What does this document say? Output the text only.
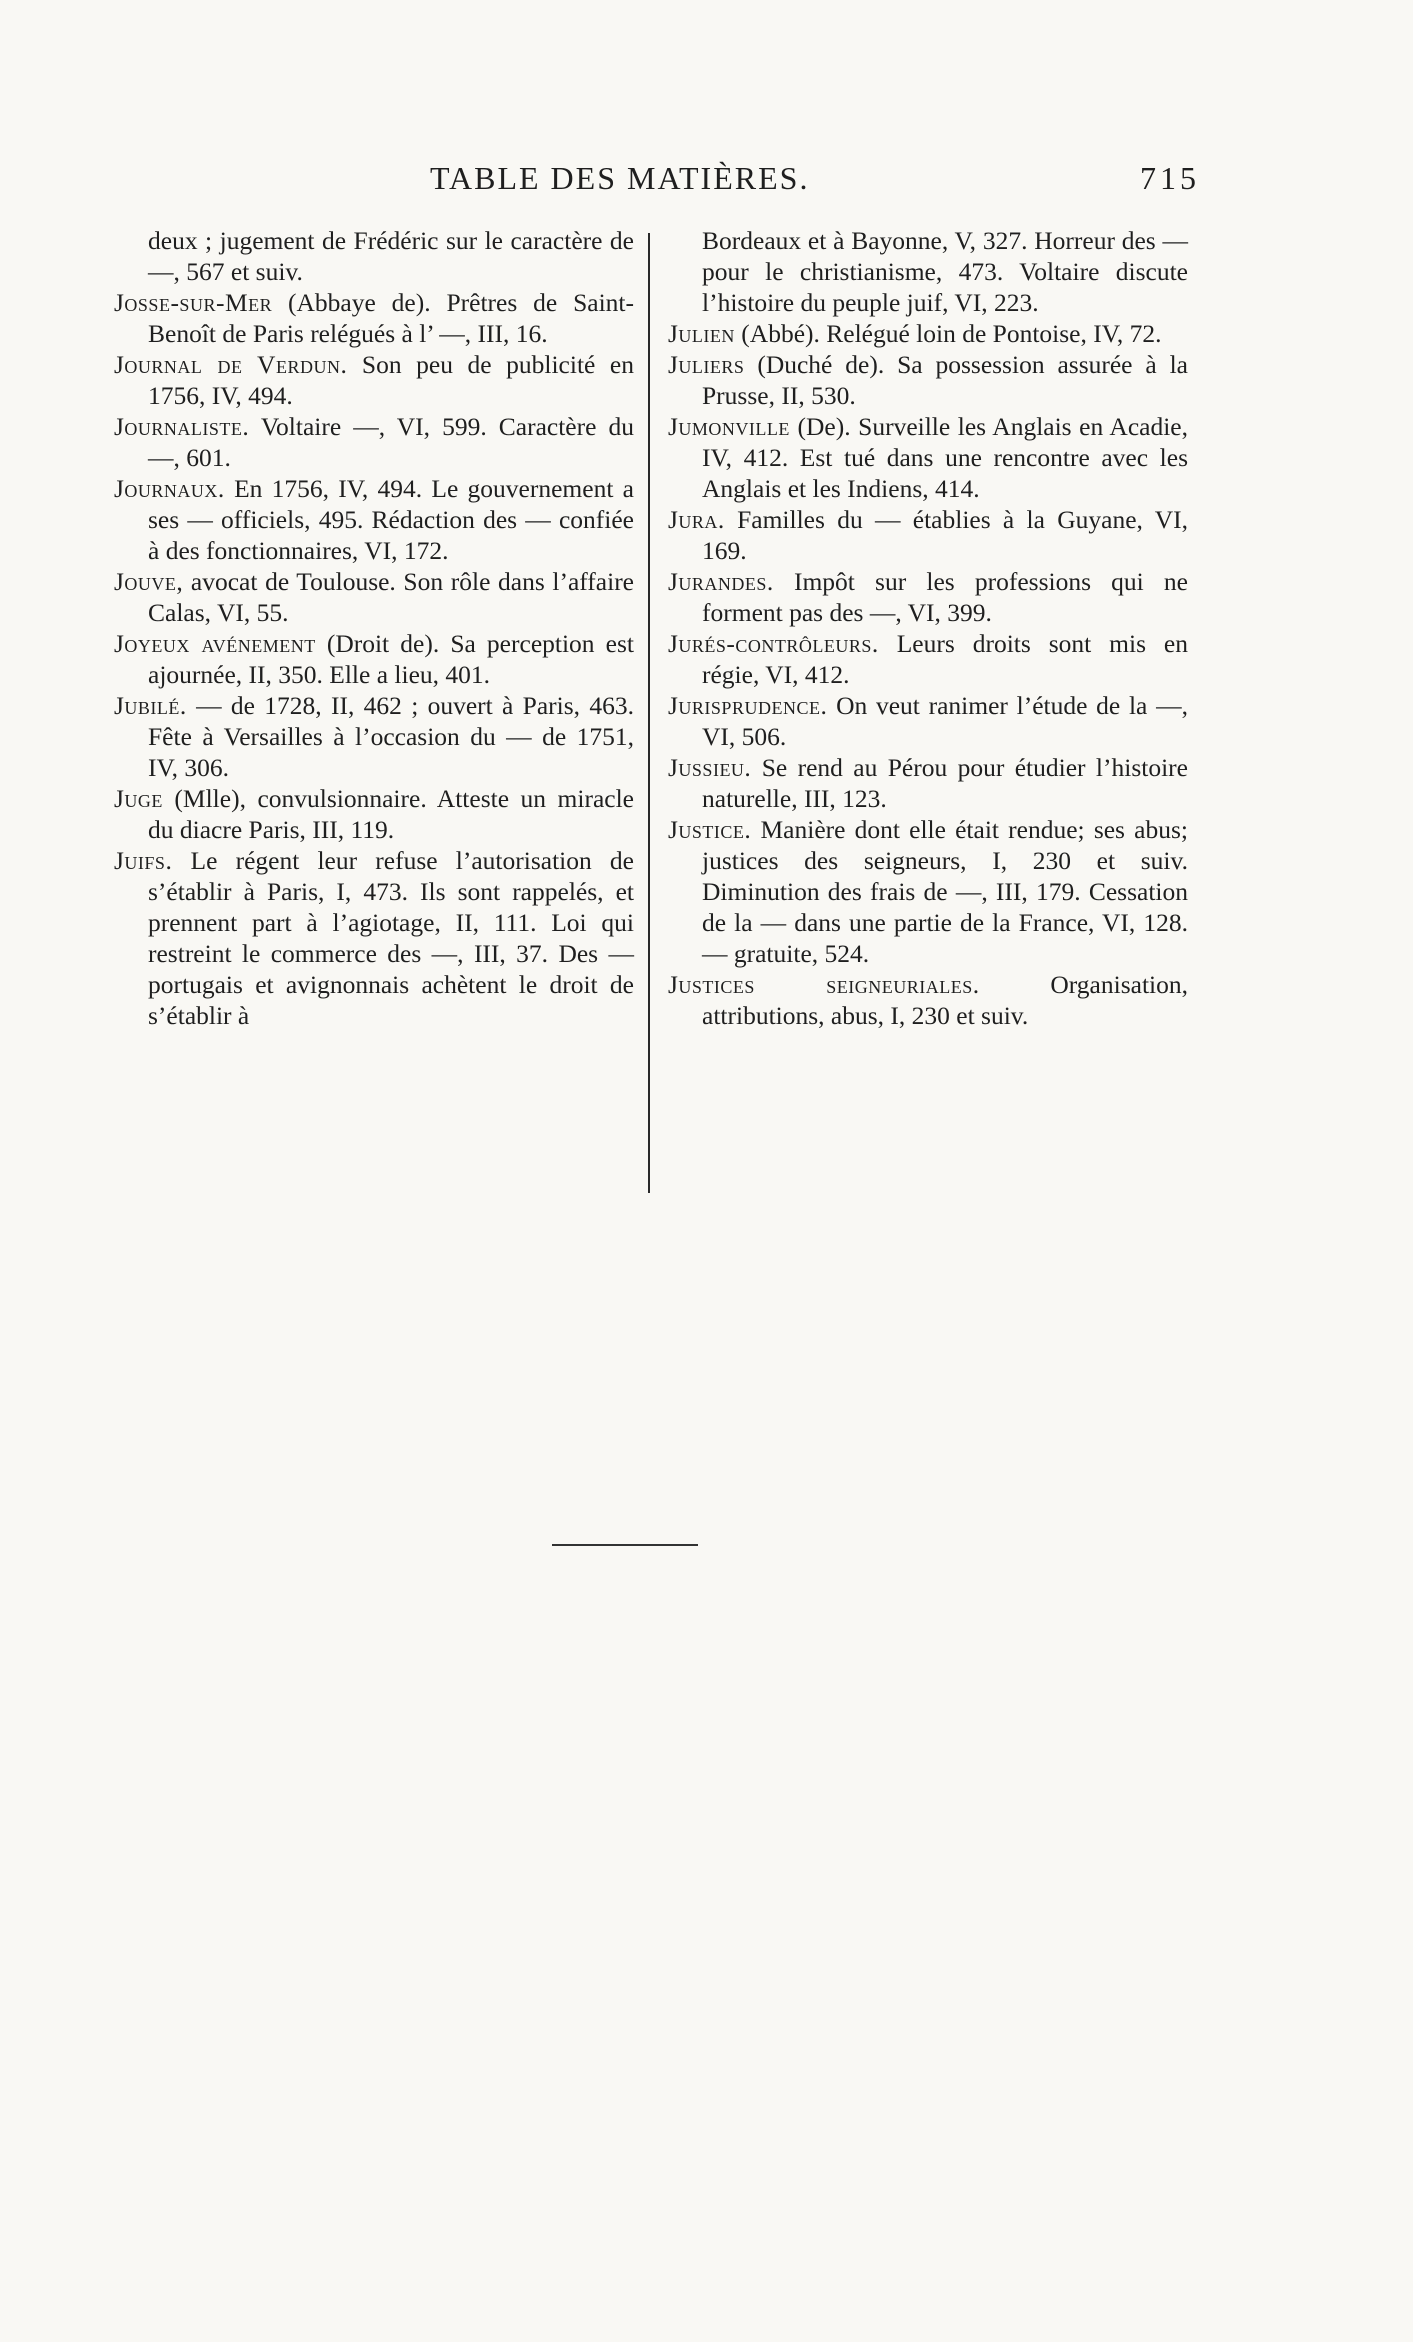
TABLE DES MATIÈRES.	715

deux ; jugement de Frédéric sur le caractère de —, 567 et suiv.

Josse-sur-Mer (Abbaye de). Prêtres de Saint-Benoît de Paris relégués à l’ —, III, 16.

Journal de Verdun. Son peu de publicité en 1756, IV, 494.

Journaliste. Voltaire —, VI, 599. Caractère du —, 601.

Journaux. En 1756, IV, 494. Le gouvernement a ses — officiels, 495. Rédaction des — confiée à des fonctionnaires, VI, 172.

Jouve, avocat de Toulouse. Son rôle dans l’affaire Calas, VI, 55.

Joyeux avénement (Droit de). Sa perception est ajournée, II, 350. Elle a lieu, 401.

Jubilé. — de 1728, II, 462 ; ouvert à Paris, 463. Fête à Versailles à l’occasion du — de 1751, IV, 306.

Juge (Mlle), convulsionnaire. Atteste un miracle du diacre Paris, III, 119.

Juifs. Le régent leur refuse l’autorisation de s’établir à Paris, I, 473. Ils sont rappelés, et prennent part à l’agiotage, II, 111. Loi qui restreint le commerce des —, III, 37. Des — portugais et avignonnais achètent le droit de s’établir à

Bordeaux et à Bayonne, V, 327. Horreur des — pour le christianisme, 473. Voltaire discute l’histoire du peuple juif, VI, 223.

Julien (Abbé). Relégué loin de Pontoise, IV, 72.

Juliers (Duché de). Sa possession assurée à la Prusse, II, 530.

Jumonville (De). Surveille les Anglais en Acadie, IV, 412. Est tué dans une rencontre avec les Anglais et les Indiens, 414.

Jura. Familles du — établies à la Guyane, VI, 169.

Jurandes. Impôt sur les professions qui ne forment pas des —, VI, 399.

Jurés-contrôleurs. Leurs droits sont mis en régie, VI, 412.

Jurisprudence. On veut ranimer l’étude de la —, VI, 506.

Jussieu. Se rend au Pérou pour étudier l’histoire naturelle, III, 123.

Justice. Manière dont elle était rendue; ses abus; justices des seigneurs, I, 230 et suiv. Diminution des frais de —, III, 179. Cessation de la — dans une partie de la France, VI, 128. — gratuite, 524.

Justices seigneuriales. Organisation, attributions, abus, I, 230 et suiv.
